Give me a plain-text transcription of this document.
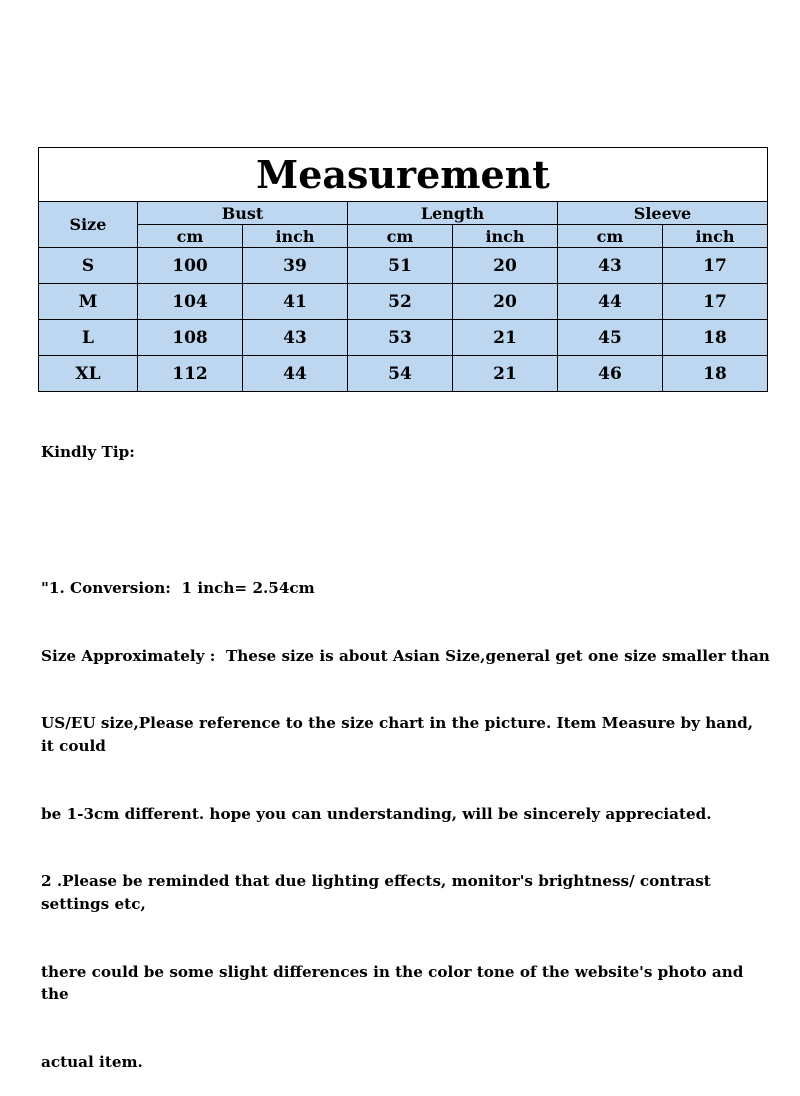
Measurement						
Size	Bust		Length		Sleeve	
	cm	inch	cm	inch	cm	inch
S	100	39	51	20	43	17
M	104	41	52	20	44	17
L	108	43	53	21	45	18
XL	112	44	54	21	46	18

Kindly Tip:

"1. Conversion:  1 inch= 2.54cm

Size Approximately :  These size is about Asian Size,general get one size smaller than

US/EU size,Please reference to the size chart in the picture. Item Measure by hand, it could

be 1-3cm different. hope you can understanding, will be sincerely appreciated.

2 .Please be reminded that due lighting effects, monitor's brightness/ contrast settings etc,

there could be some slight differences in the color tone of the website's photo and the

actual item.
